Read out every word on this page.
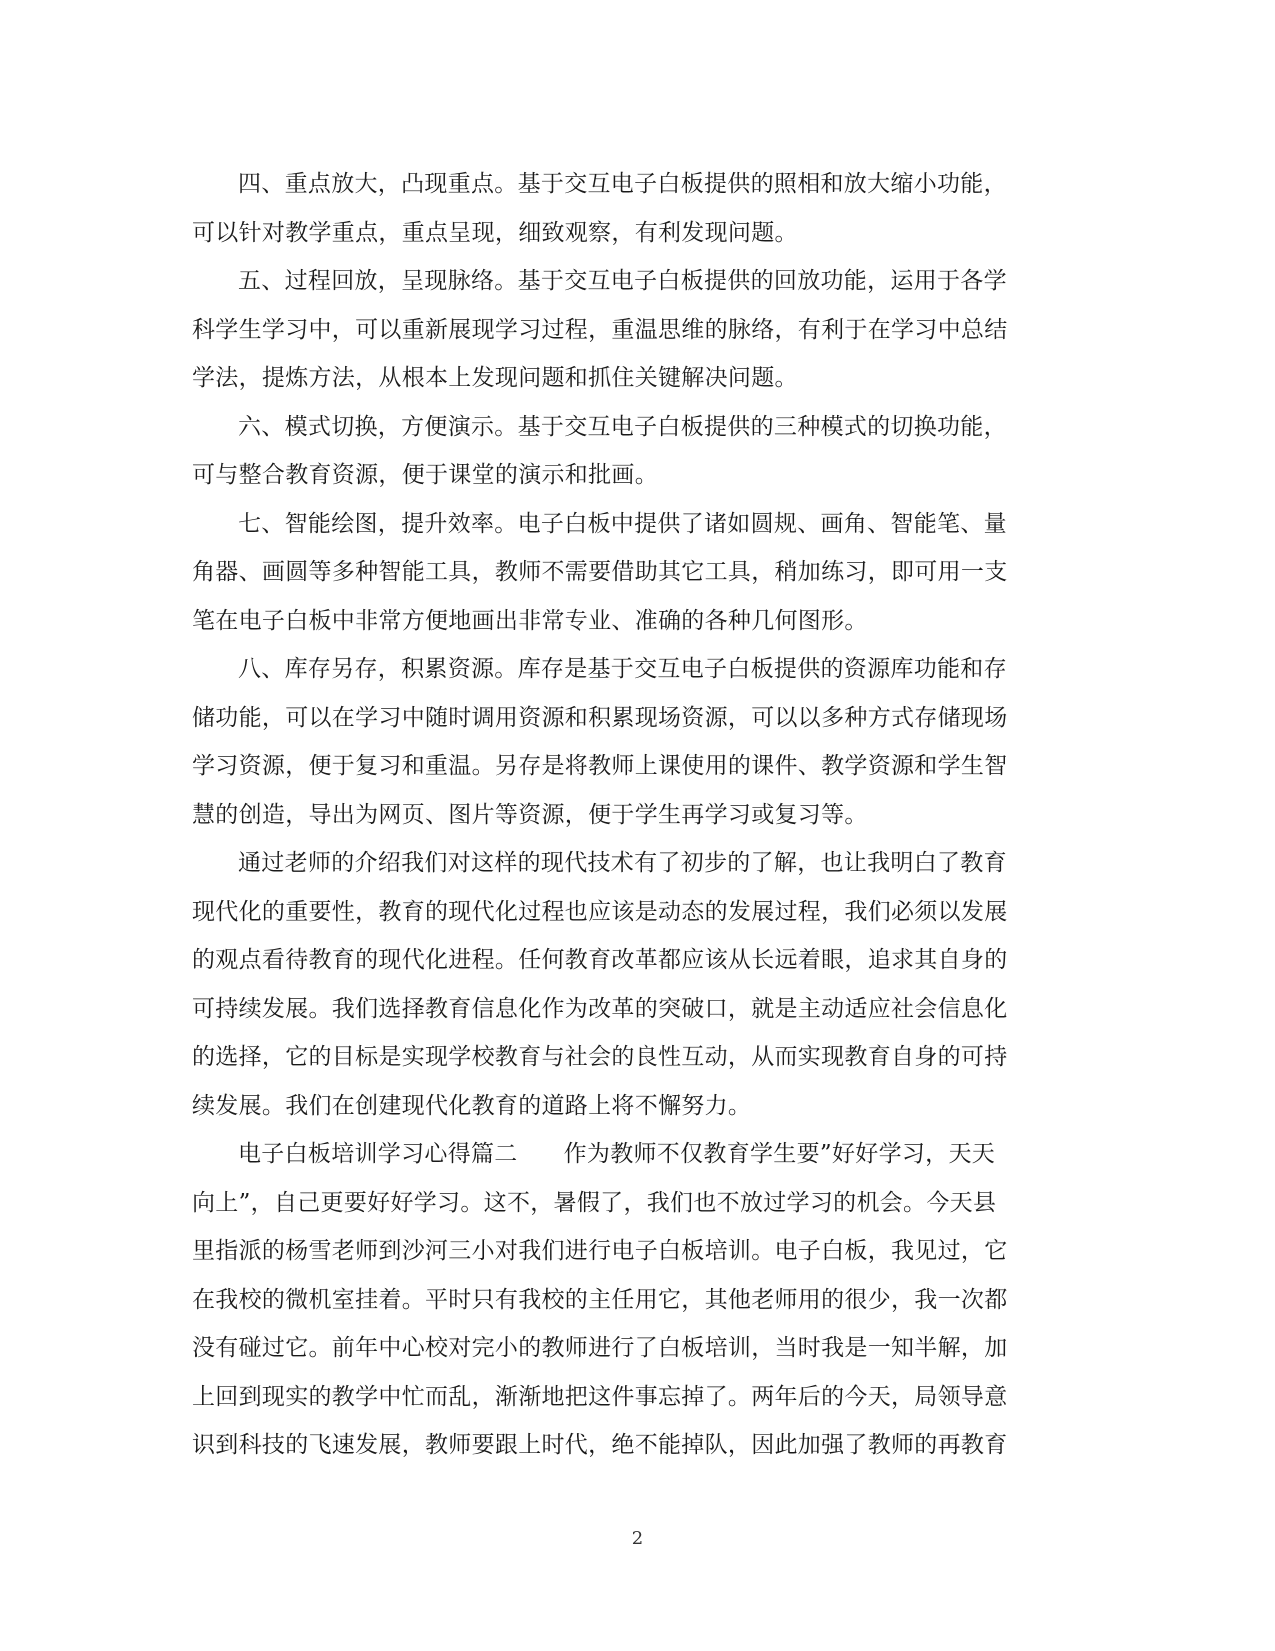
四、重点放大，凸现重点。基于交互电子白板提供的照相和放大缩小功能，
可以针对教学重点，重点呈现，细致观察，有利发现问题。

五、过程回放，呈现脉络。基于交互电子白板提供的回放功能，运用于各学
科学生学习中，可以重新展现学习过程，重温思维的脉络，有利于在学习中总结
学法，提炼方法，从根本上发现问题和抓住关键解决问题。

六、模式切换，方便演示。基于交互电子白板提供的三种模式的切换功能，
可与整合教育资源，便于课堂的演示和批画。

七、智能绘图，提升效率。电子白板中提供了诸如圆规、画角、智能笔、量
角器、画圆等多种智能工具，教师不需要借助其它工具，稍加练习，即可用一支
笔在电子白板中非常方便地画出非常专业、准确的各种几何图形。

八、库存另存，积累资源。库存是基于交互电子白板提供的资源库功能和存
储功能，可以在学习中随时调用资源和积累现场资源，可以以多种方式存储现场
学习资源，便于复习和重温。另存是将教师上课使用的课件、教学资源和学生智
慧的创造，导出为网页、图片等资源，便于学生再学习或复习等。

通过老师的介绍我们对这样的现代技术有了初步的了解，也让我明白了教育
现代化的重要性，教育的现代化过程也应该是动态的发展过程，我们必须以发展
的观点看待教育的现代化进程。任何教育改革都应该从长远着眼，追求其自身的
可持续发展。我们选择教育信息化作为改革的突破口，就是主动适应社会信息化
的选择，它的目标是实现学校教育与社会的良性互动，从而实现教育自身的可持
续发展。我们在创建现代化教育的道路上将不懈努力。

电子白板培训学习心得篇二 作为教师不仅教育学生要”好好学习，天天
向上”，自己更要好好学习。这不，暑假了，我们也不放过学习的机会。今天县
里指派的杨雪老师到沙河三小对我们进行电子白板培训。电子白板，我见过，它
在我校的微机室挂着。平时只有我校的主任用它，其他老师用的很少，我一次都
没有碰过它。前年中心校对完小的教师进行了白板培训，当时我是一知半解，加
上回到现实的教学中忙而乱，渐渐地把这件事忘掉了。两年后的今天，局领导意
识到科技的飞速发展，教师要跟上时代，绝不能掉队，因此加强了教师的再教育

2
